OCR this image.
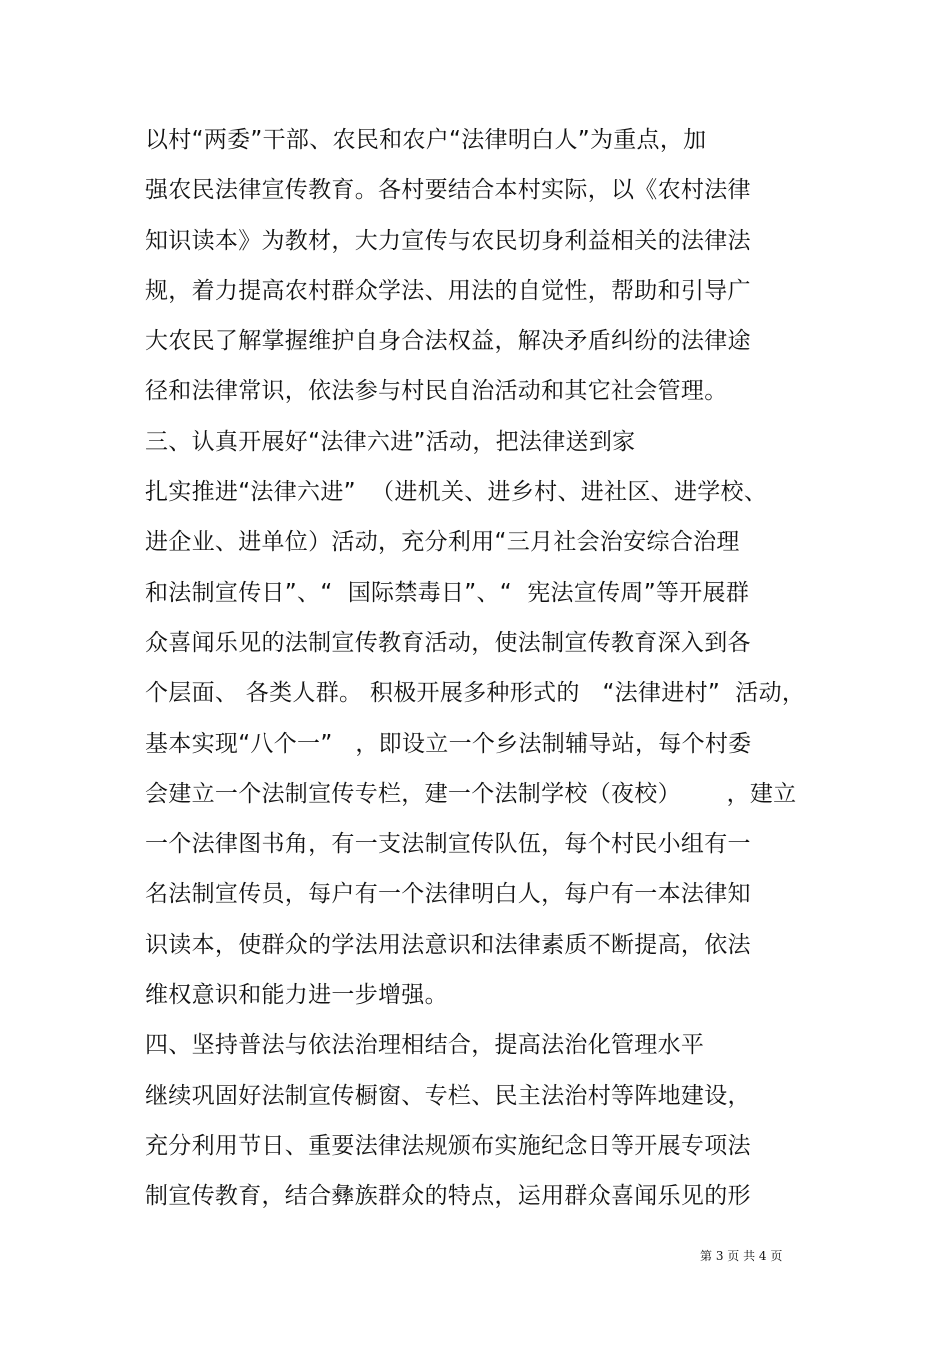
以村“两委”干部、农民和农户“法律明白人”为重点，加
强农民法律宣传教育。各村要结合本村实际，以《农村法律
知识读本》为教材，大力宣传与农民切身利益相关的法律法
规，着力提高农村群众学法、用法的自觉性，帮助和引导广
大农民了解掌握维护自身合法权益，解决矛盾纠纷的法律途
径和法律常识，依法参与村民自治活动和其它社会管理。
三、认真开展好“法律六进”活动，把法律送到家
扎实推进“法律六进”  （进机关、进乡村、进社区、进学校、
进企业、进单位）活动，充分利用“三月社会治安综合治理
和法制宣传日”、“  国际禁毒日”、“  宪法宣传周”等开展群
众喜闻乐见的法制宣传教育活动，使法制宣传教育深入到各
个层面、 各类人群。 积极开展多种形式的   “法律进村”  活动，
基本实现“八个一”   ，即设立一个乡法制辅导站，每个村委
会建立一个法制宣传专栏，建一个法制学校（夜校）      ，建立
一个法律图书角，有一支法制宣传队伍，每个村民小组有一
名法制宣传员，每户有一个法律明白人，每户有一本法律知
识读本，使群众的学法用法意识和法律素质不断提高，依法
维权意识和能力进一步增强。
四、坚持普法与依法治理相结合，提高法治化管理水平
继续巩固好法制宣传橱窗、专栏、民主法治村等阵地建设，
充分利用节日、重要法律法规颁布实施纪念日等开展专项法
制宣传教育，结合彝族群众的特点，运用群众喜闻乐见的形
第 3 页 共 4 页
